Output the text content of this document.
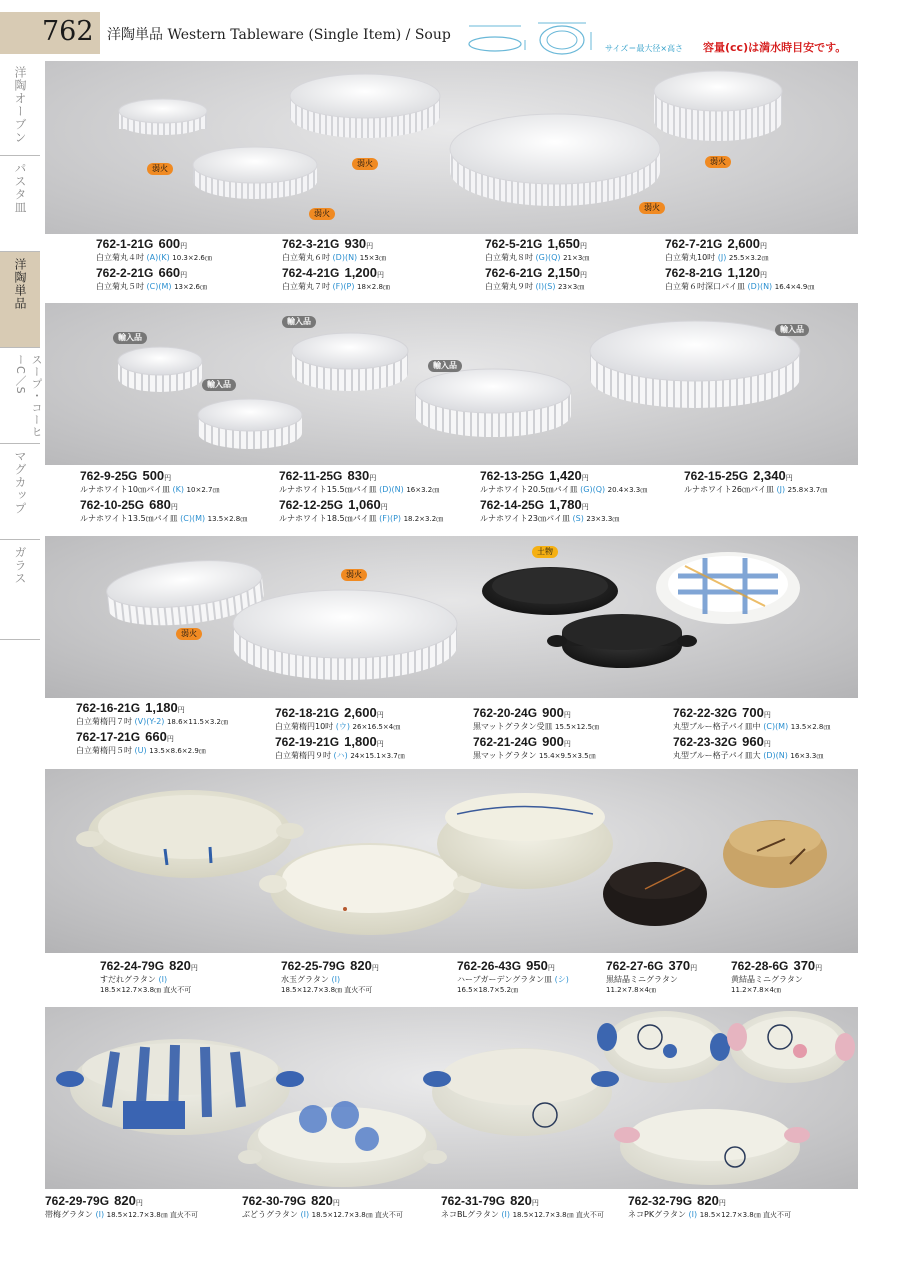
762 洋陶単品 Western Tableware (Single Item) / Soup
サイズ＝最大径×高さ 容量(cc)は満水時目安です。
洋陶オーブン
パスタ皿
洋陶単品
スープ・コーヒーC／S
マグカップ
ガラス
弱火
弱火
弱火
弱火
弱火
762-1-21G 600円
白立菊丸４吋 (A)(K) 10.3×2.6㎝
762-2-21G 660円
白立菊丸５吋 (C)(M) 13×2.6㎝
762-3-21G 930円
白立菊丸６吋 (D)(N) 15×3㎝
762-4-21G 1,200円
白立菊丸７吋 (F)(P) 18×2.8㎝
762-5-21G 1,650円
白立菊丸８吋 (G)(Q) 21×3㎝
762-6-21G 2,150円
白立菊丸９吋 (I)(S) 23×3㎝
762-7-21G 2,600円
白立菊丸10吋 (J) 25.5×3.2㎝
762-8-21G 1,120円
白立菊６吋深口パイ皿 (D)(N) 16.4×4.9㎝
輸入品
輸入品
輸入品
輸入品
輸入品
762-9-25G 500円
ルナホワイト10㎝パイ皿 (K) 10×2.7㎝
762-10-25G 680円
ルナホワイト13.5㎝パイ皿 (C)(M) 13.5×2.8㎝
762-11-25G 830円
ルナホワイト15.5㎝パイ皿 (D)(N) 16×3.2㎝
762-12-25G 1,060円
ルナホワイト18.5㎝パイ皿 (F)(P) 18.2×3.2㎝
762-13-25G 1,420円
ルナホワイト20.5㎝パイ皿 (G)(Q) 20.4×3.3㎝
762-14-25G 1,780円
ルナホワイト23㎝パイ皿 (S) 23×3.3㎝
762-15-25G 2,340円
ルナホワイト26㎝パイ皿 (J) 25.8×3.7㎝
弱火
弱火
土物
762-16-21G 1,180円
白立菊楕円７吋 (V)(Y-2) 18.6×11.5×3.2㎝
762-17-21G 660円
白立菊楕円５吋 (U) 13.5×8.6×2.9㎝
762-18-21G 2,600円
白立菊楕円10吋 (ウ) 26×16.5×4㎝
762-19-21G 1,800円
白立菊楕円９吋 (ハ) 24×15.1×3.7㎝
762-20-24G 900円
黒マットグラタン受皿 15.5×12.5㎝
762-21-24G 900円
黒マットグラタン 15.4×9.5×3.5㎝
762-22-32G 700円
丸型ブルー格子パイ皿中 (C)(M) 13.5×2.8㎝
762-23-32G 960円
丸型ブルー格子パイ皿大 (D)(N) 16×3.3㎝
762-24-79G 820円
すだれグラタン (I)
18.5×12.7×3.8㎝ 直火不可
762-25-79G 820円
水玉グラタン (I)
18.5×12.7×3.8㎝ 直火不可
762-26-43G 950円
ハーブガーデングラタン皿 (シ)
16.5×18.7×5.2㎝
762-27-6G 370円
黒結晶ミニグラタン
11.2×7.8×4㎝
762-28-6G 370円
黄結晶ミニグラタン
11.2×7.8×4㎝
762-29-79G 820円
帯梅グラタン (I) 18.5×12.7×3.8㎝ 直火不可
762-30-79G 820円
ぶどうグラタン (I) 18.5×12.7×3.8㎝ 直火不可
762-31-79G 820円
ネコBLグラタン (I) 18.5×12.7×3.8㎝ 直火不可
762-32-79G 820円
ネコPKグラタン (I) 18.5×12.7×3.8㎝ 直火不可
